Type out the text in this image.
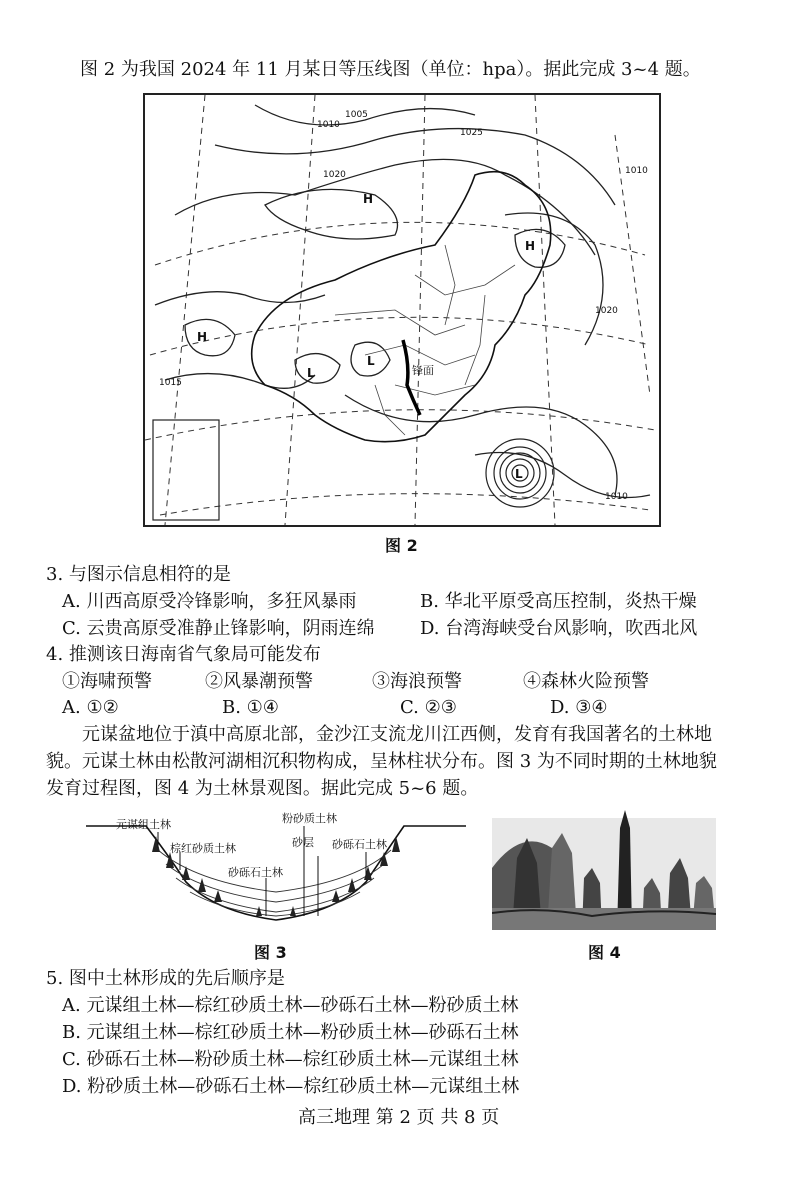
图 2 为我国 2024 年 11 月某日等压线图（单位：hpa）。据此完成 3~4 题。
1005
1010
1025
1020	1010
1020
1015
1010
H
H
H
L
L
L
锋面
图 2
3. 与图示信息相符的是
A. 川西高原受冷锋影响，多狂风暴雨	B. 华北平原受高压控制，炎热干燥
C. 云贵高原受准静止锋影响，阴雨连绵	D. 台湾海峡受台风影响，吹西北风
4. 推测该日海南省气象局可能发布
①海啸预警	②风暴潮预警	③海浪预警	④森林火险预警
A. ①②	B. ①④	C. ②③	D. ③④
元谋盆地位于滇中高原北部，金沙江支流龙川江西侧，发育有我国著名的土林地
貌。元谋土林由松散河湖相沉积物构成，呈林柱状分布。图 3 为不同时期的土林地貌
发育过程图，图 4 为土林景观图。据此完成 5~6 题。
元谋组土林
棕红砂质土林
砂砾石土林
粉砂质土林
砂层 砂砾石土林
图 3	图 4
5. 图中土林形成的先后顺序是
A. 元谋组土林—棕红砂质土林—砂砾石土林—粉砂质土林
B. 元谋组土林—棕红砂质土林—粉砂质土林—砂砾石土林
C. 砂砾石土林—粉砂质土林—棕红砂质土林—元谋组土林
D. 粉砂质土林—砂砾石土林—棕红砂质土林—元谋组土林
高三地理 第 2 页 共 8 页
